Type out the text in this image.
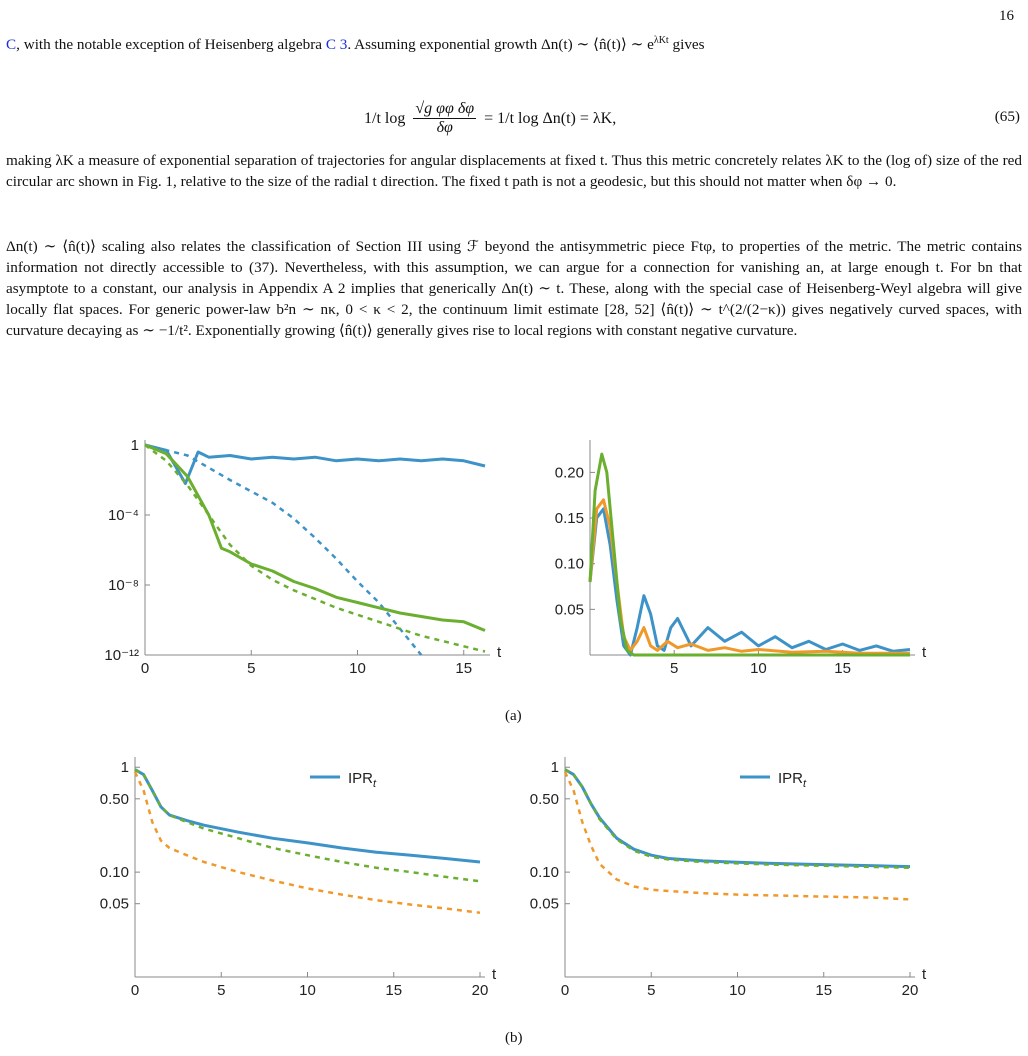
16
C, with the notable exception of Heisenberg algebra C 3. Assuming exponential growth Δn(t) ∼ ⟨n̂(t)⟩ ∼ $e^{\lambda Kt}$ gives
1/t $\log \frac{\text{√g φφ δφ}}{\delta\varphi} = 1/t$ log Δn(t) = λK,	(65)
making λK a measure of exponential separation of trajectories for angular displacements at fixed t. Thus this metric concretely relates λK to the (log of) size of the red circular arc shown in Fig. 1, relative to the size of the radial t direction. The fixed t path is not a geodesic, but this should not matter when δφ → 0.
Δn(t) ∼ ⟨n̂(t)⟩ scaling also relates the classification of Section III using ℱ beyond the antisymmetric piece Ftφ, to properties of the metric. The metric contains information not directly accessible to (37). Nevertheless, with this assumption, we can argue for a connection for vanishing an, at large enough t. For bn that asymptote to a constant, our analysis in Appendix A 2 implies that generically Δn(t) ∼ t. These, along with the special case of Heisenberg-Weyl algebra will give locally flat spaces. For generic power-law b²n ∼ nκ, 0 < κ < 2, the continuum limit estimate [28, 52] ⟨n̂(t)⟩ ∼ t^(2/(2−κ)) gives negatively curved spaces, with curvature decaying as ∼ −1/t². Exponentially growing ⟨n̂(t)⟩ generally gives rise to local regions with constant negative curvature.
0	5	10	15
t
1
10⁻⁴
10⁻⁸
10⁻¹²
5	10	15
t
0.05
0.10
0.15
0.20
(a)
0	5	10	15	20
t
1
0.50
0.10
0.05
$IPR_t$
0	5	10	15	20
t
1
0.50
0.10
0.05
$IPR_t$
(b)
